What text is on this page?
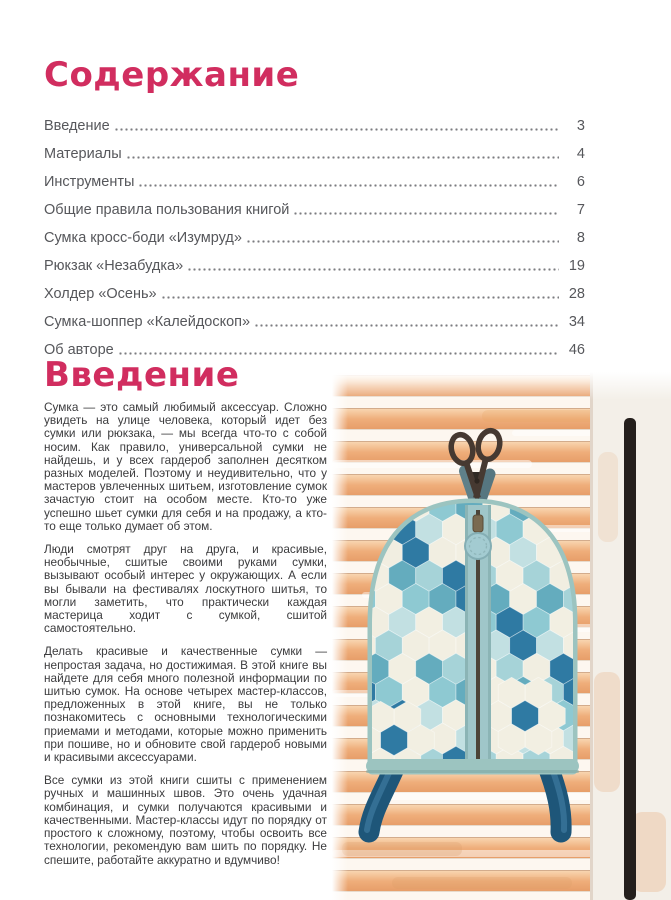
Содержание
Введение	3
Материалы	4
Инструменты	6
Общие правила пользования книгой	7
Сумка кросс-боди «Изумруд»	8
Рюкзак «Незабудка»	19
Холдер «Осень»	28
Сумка-шоппер «Калейдоскоп»	34
Об авторе	46
Введение

Сумка — это самый любимый аксессуар. Сложно увидеть на улице человека, который идет без сумки или рюкзака, — мы всегда что-то с собой носим. Как правило, универсальной сумки не найдешь, и у всех гардероб заполнен десятком разных моделей. Поэтому и неудивительно, что у мастеров увлеченных шитьем, изготовление сумок зачастую стоит на особом месте. Кто-то уже успешно шьет сумки для себя и на продажу, а кто-то еще только думает об этом.

Люди смотрят друг на друга, и красивые, необычные, сшитые своими руками сумки, вызывают особый интерес у окружающих. А если вы бывали на фестивалях лоскутного шитья, то могли заметить, что практически каждая мастерица ходит с сумкой, сшитой самостоятельно.

Делать красивые и качественные сумки — непростая задача, но достижимая. В этой книге вы найдете для себя много полезной информации по шитью сумок. На основе четырех мастер-классов, предложенных в этой книге, вы не только познакомитесь с основными технологическими приемами и методами, которые можно применить при пошиве, но и обновите свой гардероб новыми и красивыми аксессуарами.

Все сумки из этой книги сшиты с применением ручных и машинных швов. Это очень удачная комбинация, и сумки получаются красивыми и качественными. Мастер-классы идут по порядку от простого к сложному, поэтому, чтобы освоить все технологии, рекомендую вам шить по порядку. Не спешите, работайте аккуратно и вдумчиво!
